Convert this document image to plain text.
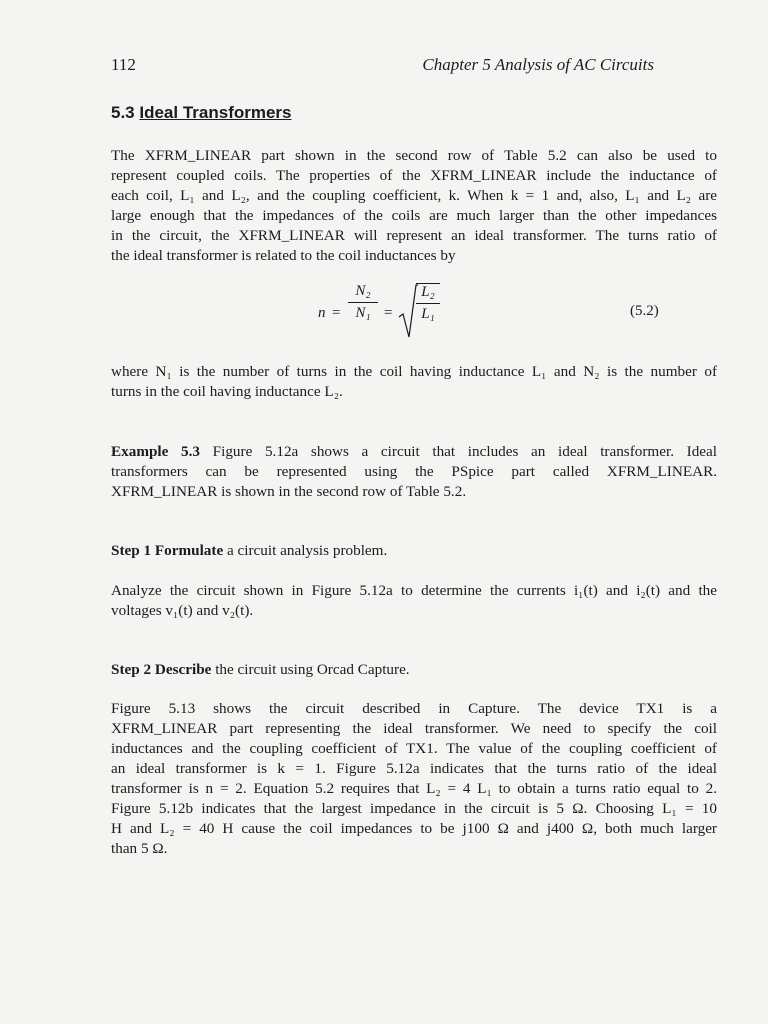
112	Chapter 5 Analysis of AC Circuits
5.3 Ideal Transformers

The XFRM_LINEAR part shown in the second row of Table 5.2 can also be used to
represent coupled coils. The properties of the XFRM_LINEAR include the inductance of
each coil, L₁ and L₂, and the coupling coefficient, k. When k = 1 and, also, L₁ and L₂ are
large enough that the impedances of the coils are much larger than the other impedances
in the circuit, the XFRM_LINEAR will represent an ideal transformer. The turns ratio of
the ideal transformer is related to the coil inductances by

n =
N₂
N₁ =
L₂
L₁	(5.2)

where N₁ is the number of turns in the coil having inductance L₁ and N₂ is the number of
turns in the coil having inductance L₂.

Example 5.3 Figure 5.12a shows a circuit that includes an ideal transformer. Ideal
transformers can be represented using the PSpice part called XFRM_LINEAR.
XFRM_LINEAR is shown in the second row of Table 5.2.

Step 1 Formulate a circuit analysis problem.

Analyze the circuit shown in Figure 5.12a to determine the currents i₁(t) and i₂(t) and the
voltages v₁(t) and v₂(t).

Step 2 Describe the circuit using Orcad Capture.

Figure 5.13 shows the circuit described in Capture. The device TX1 is a
XFRM_LINEAR part representing the ideal transformer. We need to specify the coil
inductances and the coupling coefficient of TX1. The value of the coupling coefficient of
an ideal transformer is k = 1. Figure 5.12a indicates that the turns ratio of the ideal
transformer is n = 2. Equation 5.2 requires that L₂ = 4 L₁ to obtain a turns ratio equal to 2.
Figure 5.12b indicates that the largest impedance in the circuit is 5 Ω. Choosing L₁ = 10
H and L₂ = 40 H cause the coil impedances to be j100 Ω and j400 Ω, both much larger
than 5 Ω.
